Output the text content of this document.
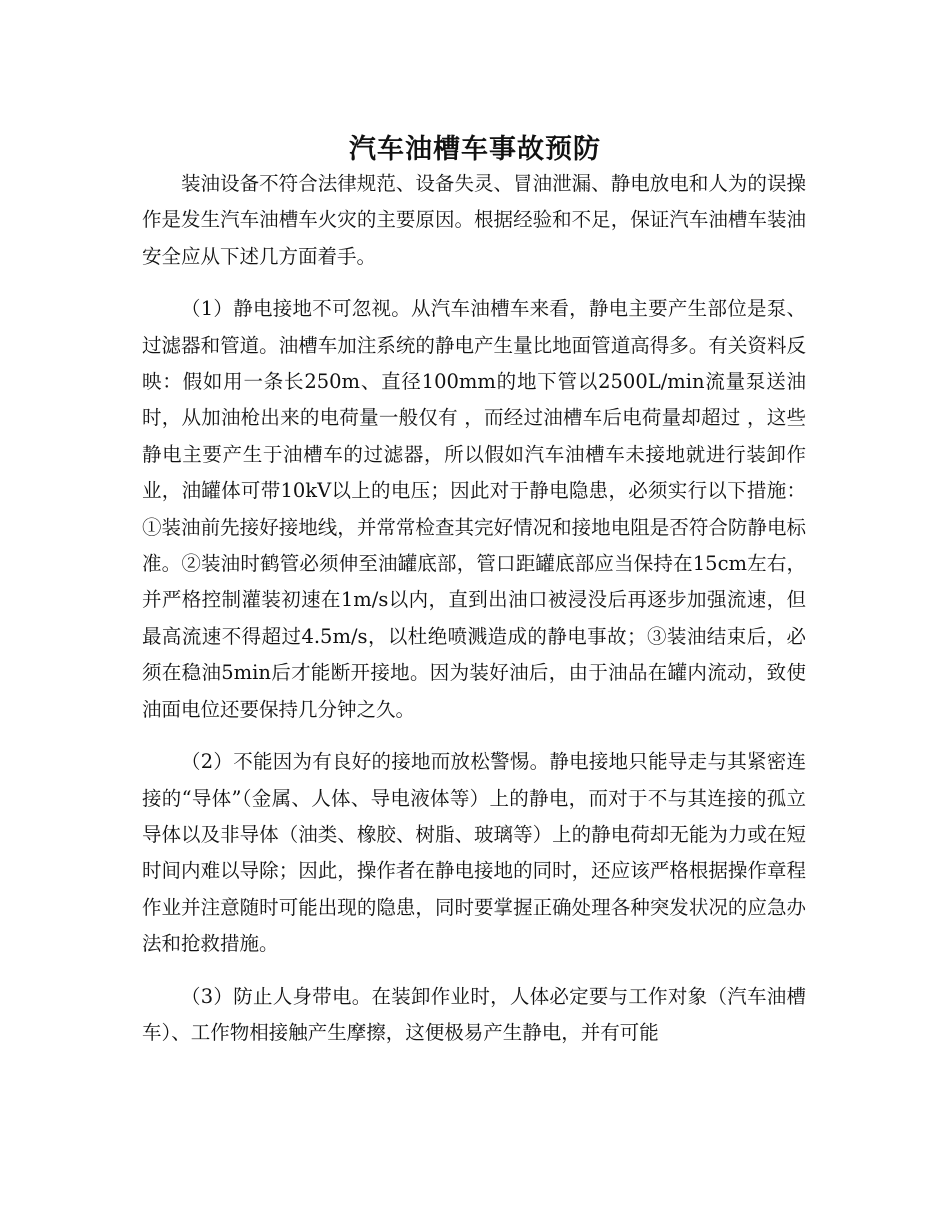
汽车油槽车事故预防

装油设备不符合法律规范、设备失灵、冒油泄漏、静电放电和人为的误操作是发生汽车油槽车火灾的主要原因。根据经验和不足，保证汽车油槽车装油安全应从下述几方面着手。

（1）静电接地不可忽视。从汽车油槽车来看，静电主要产生部位是泵、过滤器和管道。油槽车加注系统的静电产生量比地面管道高得多。有关资料反映：假如用一条长250m、直径100mm的地下管以2500L/min流量泵送油时，从加油枪出来的电荷量一般仅有 ，而经过油槽车后电荷量却超过 ，这些静电主要产生于油槽车的过滤器，所以假如汽车油槽车未接地就进行装卸作业，油罐体可带10kV以上的电压；因此对于静电隐患，必须实行以下措施：①装油前先接好接地线，并常常检查其完好情况和接地电阻是否符合防静电标准。②装油时鹤管必须伸至油罐底部，管口距罐底部应当保持在15cm左右，并严格控制灌装初速在1m/s以内，直到出油口被浸没后再逐步加强流速，但最高流速不得超过4.5m/s，以杜绝喷溅造成的静电事故；③装油结束后，必须在稳油5min后才能断开接地。因为装好油后，由于油品在罐内流动，致使油面电位还要保持几分钟之久。

（2）不能因为有良好的接地而放松警惕。静电接地只能导走与其紧密连接的“导体”（金属、人体、导电液体等）上的静电，而对于不与其连接的孤立导体以及非导体（油类、橡胶、树脂、玻璃等）上的静电荷却无能为力或在短时间内难以导除；因此，操作者在静电接地的同时，还应该严格根据操作章程作业并注意随时可能出现的隐患，同时要掌握正确处理各种突发状况的应急办法和抢救措施。

（3）防止人身带电。在装卸作业时，人体必定要与工作对象（汽车油槽车）、工作物相接触产生摩擦，这便极易产生静电，并有可能
